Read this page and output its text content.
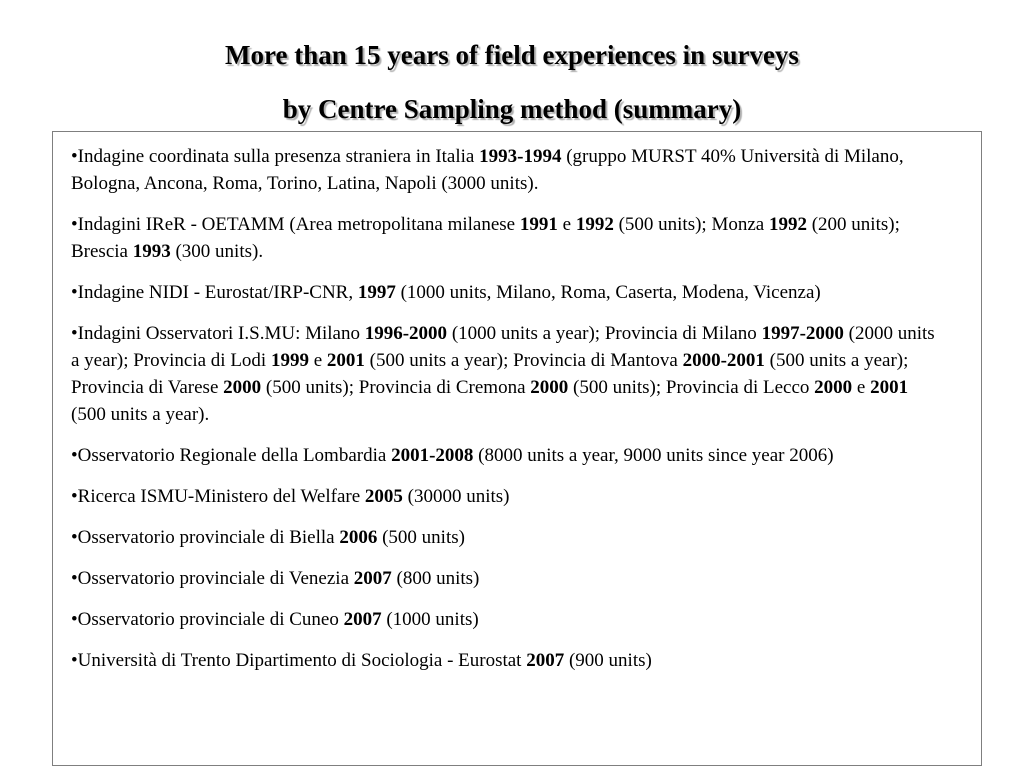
More than 15 years of field experiences in surveys
by Centre Sampling method (summary)
•Indagine coordinata sulla presenza straniera in Italia 1993-1994 (gruppo MURST 40% Università di Milano, Bologna, Ancona, Roma, Torino, Latina, Napoli (3000 units).
•Indagini IReR - OETAMM (Area metropolitana milanese 1991 e 1992 (500 units); Monza 1992 (200 units); Brescia 1993 (300 units).
•Indagine NIDI - Eurostat/IRP-CNR, 1997 (1000 units, Milano, Roma, Caserta, Modena, Vicenza)
•Indagini Osservatori I.S.MU: Milano 1996-2000 (1000 units a year); Provincia di Milano 1997-2000 (2000 units a year); Provincia di Lodi 1999 e 2001 (500 units a year); Provincia di Mantova 2000-2001 (500 units a year); Provincia di Varese 2000 (500 units); Provincia di Cremona 2000 (500 units); Provincia di Lecco 2000 e 2001 (500 units a year).
•Osservatorio Regionale della Lombardia 2001-2008 (8000 units a year, 9000 units since year 2006)
•Ricerca ISMU-Ministero del Welfare 2005 (30000 units)
•Osservatorio provinciale di Biella 2006 (500 units)
•Osservatorio provinciale di Venezia 2007 (800 units)
•Osservatorio provinciale di Cuneo 2007 (1000 units)
•Università di Trento Dipartimento di Sociologia - Eurostat 2007 (900 units)
